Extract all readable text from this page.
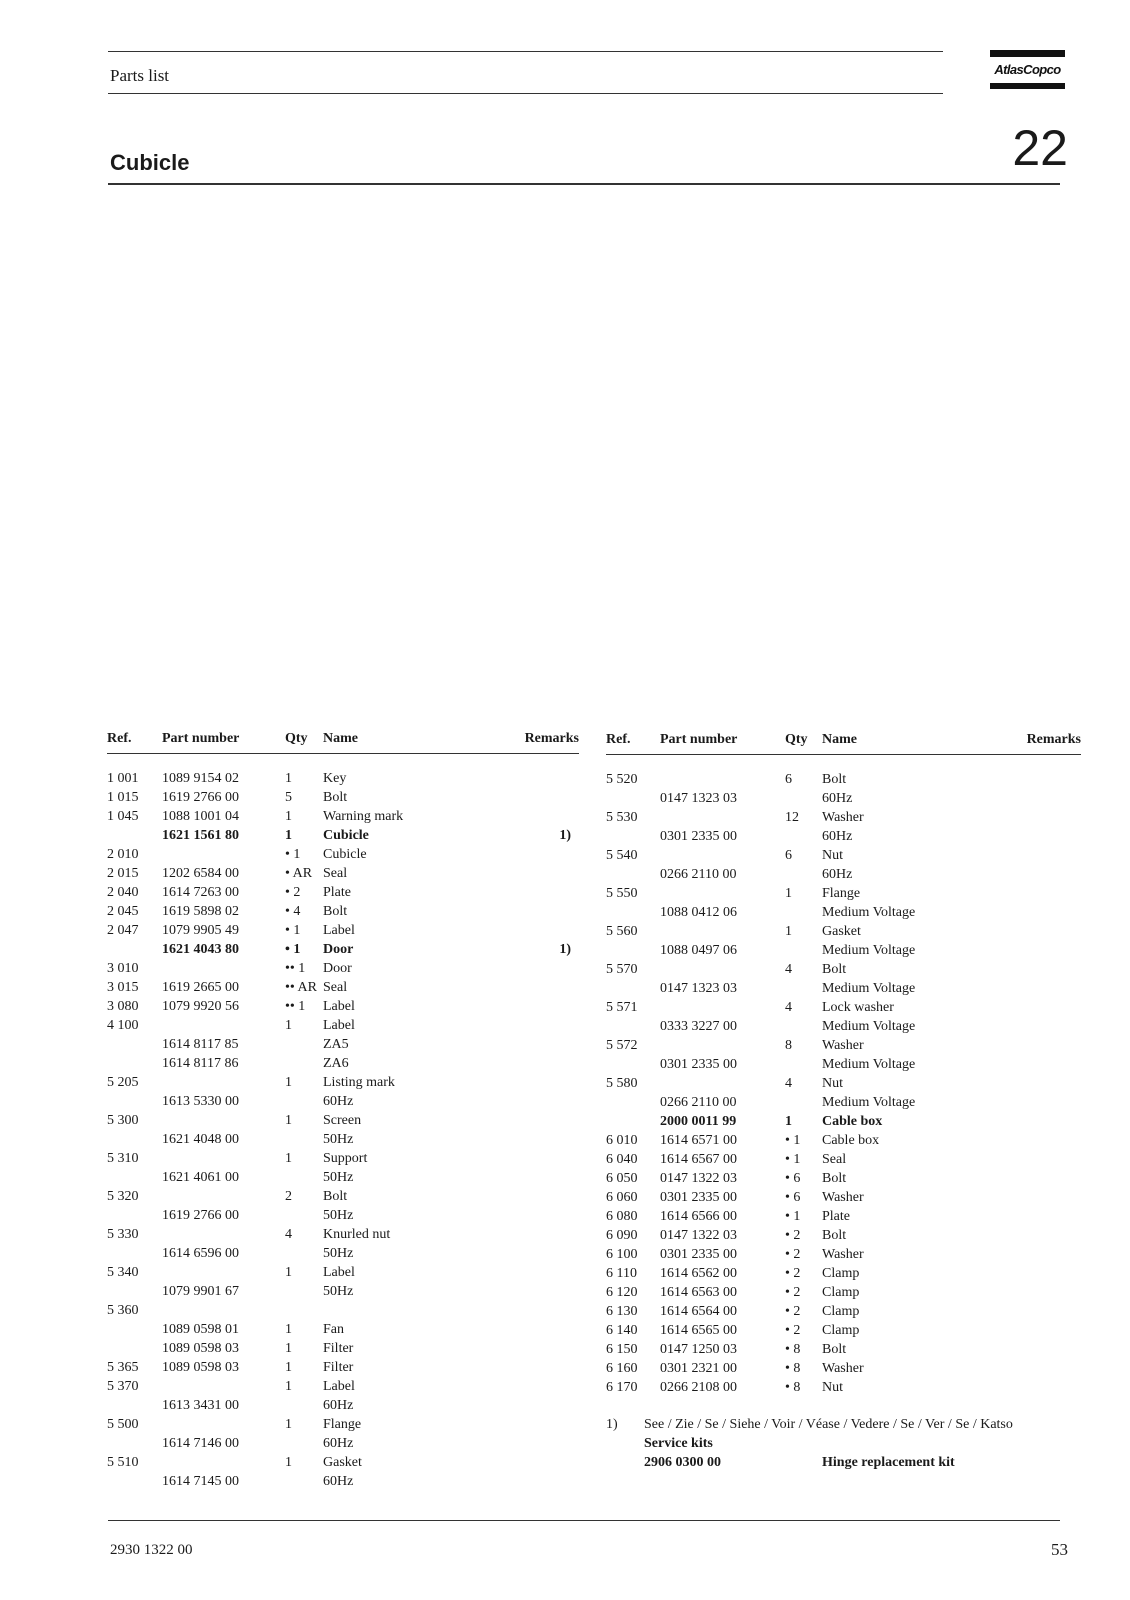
Parts list	AtlasCopco
Cubicle	22
Ref. Part number	Qty Name	Remarks
1 001 1089 9154 02	1 Key
1 015 1619 2766 00	5 Bolt
1 045 1088 1001 04	1 Warning mark
1621 1561 80	1 Cubicle	1)
2 010	• 1 Cubicle
2 015 1202 6584 00	• AR Seal
2 040 1614 7263 00	• 2 Plate
2 045 1619 5898 02	• 4 Bolt
2 047 1079 9905 49	• 1 Label
1621 4043 80	• 1 Door	1)
3 010	•• 1 Door
3 015 1619 2665 00	•• AR Seal
3 080 1079 9920 56	•• 1 Label
4 100	1 Label
1614 8117 85	ZA5
1614 8117 86	ZA6
5 205	1 Listing mark
1613 5330 00	60Hz
5 300	1 Screen
1621 4048 00	50Hz
5 310	1 Support
1621 4061 00	50Hz
5 320	2 Bolt
1619 2766 00	50Hz
5 330	4 Knurled nut
1614 6596 00	50Hz
5 340	1 Label
1079 9901 67	50Hz
5 360
1089 0598 01	1 Fan
1089 0598 03	1 Filter
5 365 1089 0598 03	1 Filter
5 370	1 Label
1613 3431 00	60Hz
5 500	1 Flange
1614 7146 00	60Hz
5 510	1 Gasket
1614 7145 00	60Hz
Ref. Part number	Qty Name	Remarks
5 520	6 Bolt
0147 1323 03	60Hz
5 530	12 Washer
0301 2335 00	60Hz
5 540	6 Nut
0266 2110 00	60Hz
5 550	1 Flange
1088 0412 06	Medium Voltage
5 560	1 Gasket
1088 0497 06	Medium Voltage
5 570	4 Bolt
0147 1323 03	Medium Voltage
5 571	4 Lock washer
0333 3227 00	Medium Voltage
5 572	8 Washer
0301 2335 00	Medium Voltage
5 580	4 Nut
0266 2110 00	Medium Voltage
2000 0011 99	1 Cable box
6 010 1614 6571 00	• 1 Cable box
6 040 1614 6567 00	• 1 Seal
6 050 0147 1322 03	• 6 Bolt
6 060 0301 2335 00	• 6 Washer
6 080 1614 6566 00	• 1 Plate
6 090 0147 1322 03	• 2 Bolt
6 100 0301 2335 00	• 2 Washer
6 110 1614 6562 00	• 2 Clamp
6 120 1614 6563 00	• 2 Clamp
6 130 1614 6564 00	• 2 Clamp
6 140 1614 6565 00	• 2 Clamp
6 150 0147 1250 03	• 8 Bolt
6 160 0301 2321 00	• 8 Washer
6 170 0266 2108 00	• 8 Nut
1) See / Zie / Se / Siehe / Voir / Véase / Vedere / Se / Ver / Se / Katso
Service kits
2906 0300 00	Hinge replacement kit
2930 1322 00	53
